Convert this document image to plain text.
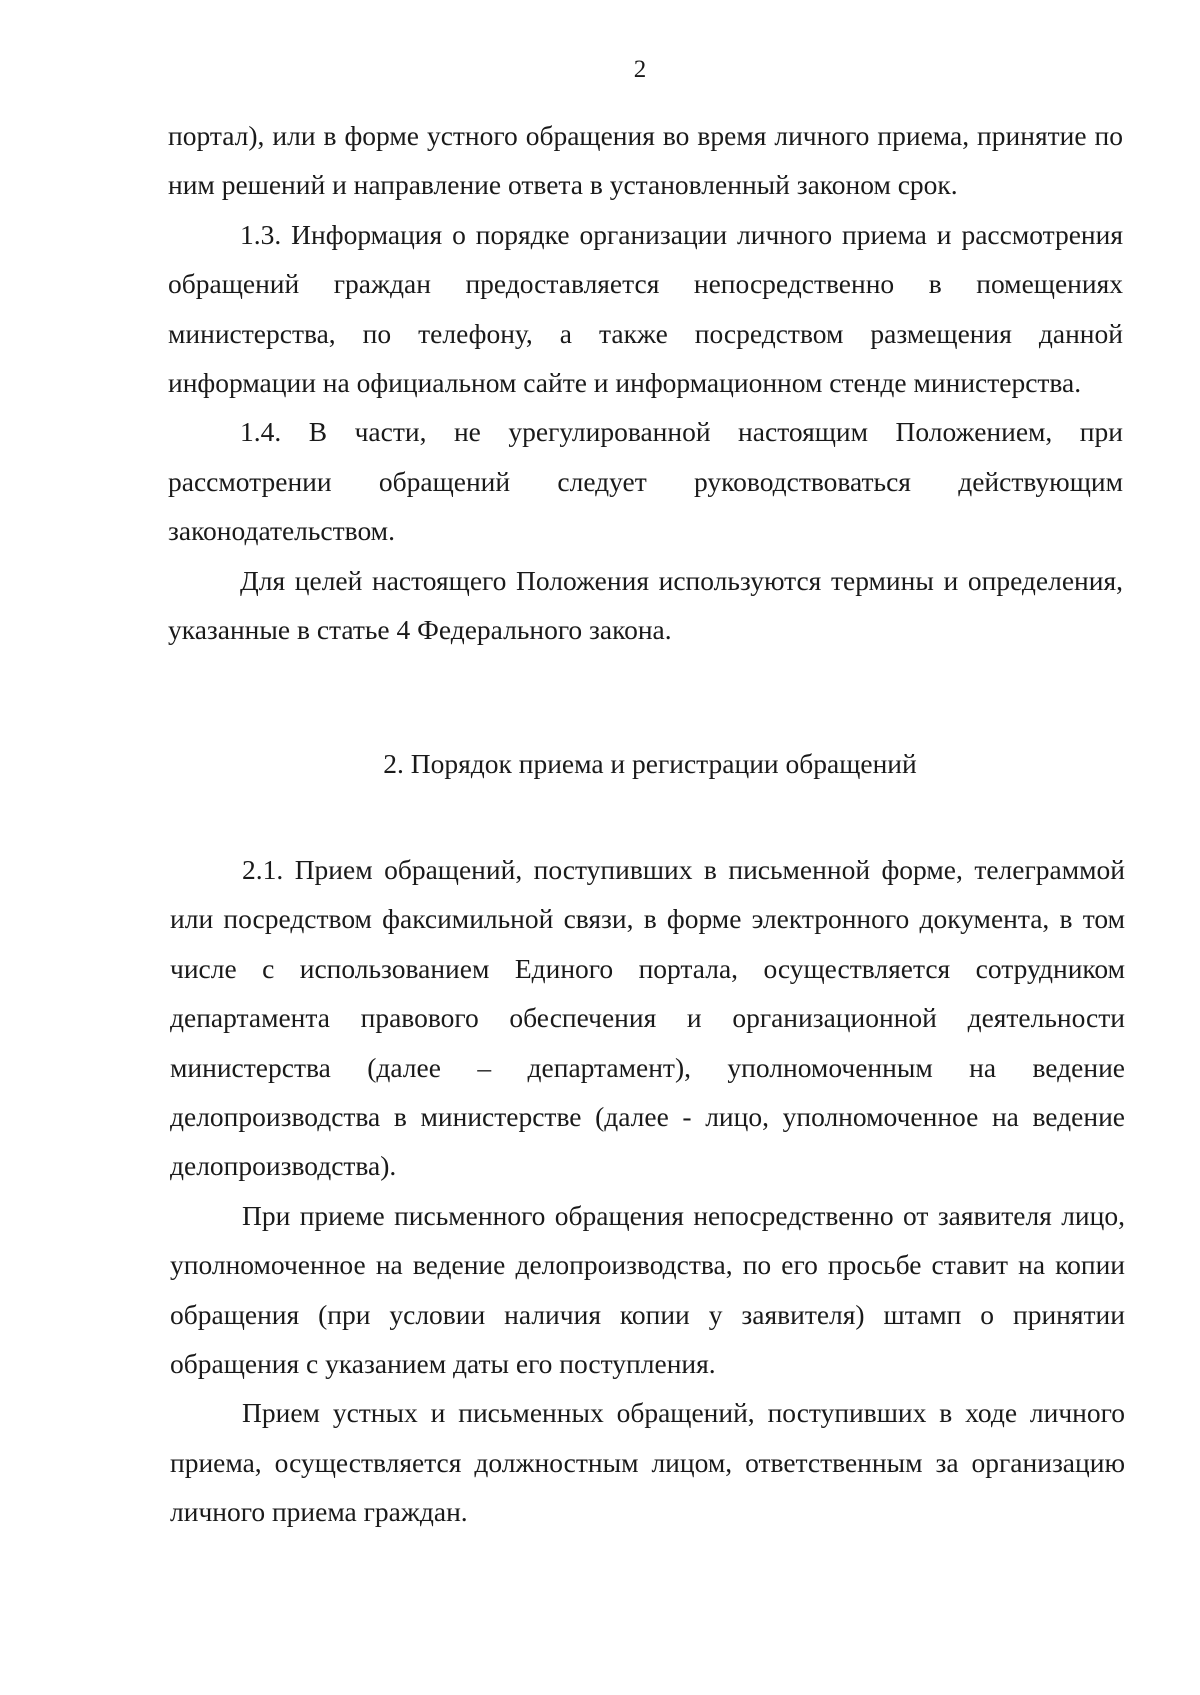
2

портал), или в форме устного обращения во время личного приема, принятие по ним решений и направление ответа в установленный законом срок.

1.3. Информация о порядке организации личного приема и рассмотрения обращений граждан предоставляется непосредственно в помещениях министерства, по телефону, а также посредством размещения данной информации на официальном сайте и информационном стенде министерства.

1.4. В части, не урегулированной настоящим Положением, при рассмотрении обращений следует руководствоваться действующим законодательством.

Для целей настоящего Положения используются термины и определения, указанные в статье 4 Федерального закона.

2. Порядок приема и регистрации обращений

2.1. Прием обращений, поступивших в письменной форме, телеграммой или посредством факсимильной связи, в форме электронного документа, в том числе с использованием Единого портала, осуществляется сотрудником департамента правового обеспечения и организационной деятельности министерства (далее – департамент), уполномоченным на ведение делопроизводства в министерстве (далее - лицо, уполномоченное на ведение делопроизводства).

При приеме письменного обращения непосредственно от заявителя лицо, уполномоченное на ведение делопроизводства, по его просьбе ставит на копии обращения (при условии наличия копии у заявителя) штамп о принятии обращения с указанием даты его поступления.

Прием устных и письменных обращений, поступивших в ходе личного приема, осуществляется должностным лицом, ответственным за организацию личного приема граждан.
